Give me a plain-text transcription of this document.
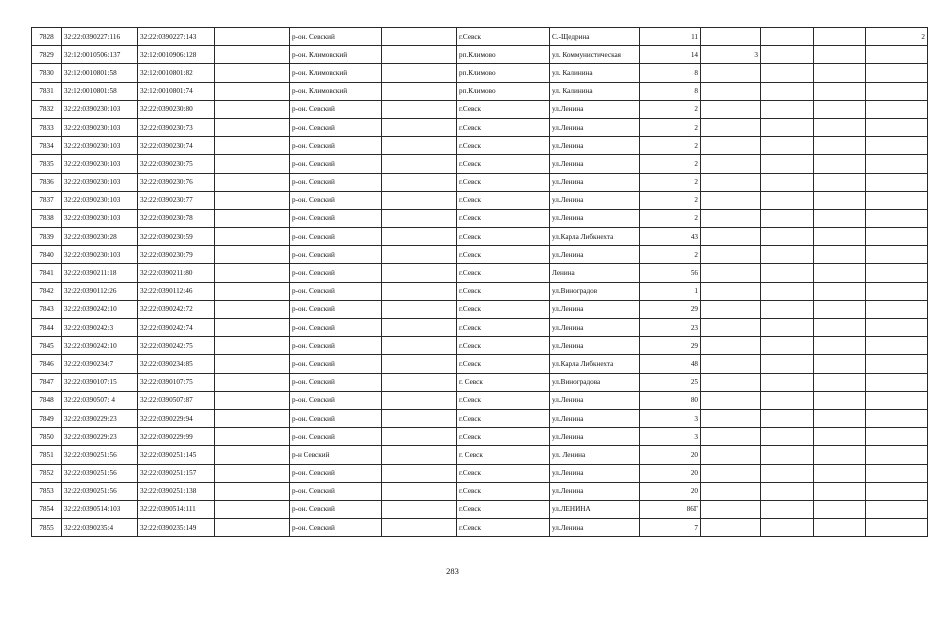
7828	32:22:0390227:116	32:22:0390227:143		р-он. Севский		г.Севск	С.-Щедрина	11				2
7829	32:12:0010506:137	32:12:0010906:128		р-он. Климовский		рп.Климово	ул. Коммунистическая	14	3			
7830	32:12:0010801:58	32:12:0010801:82		р-он. Климовский		рп.Климово	ул. Калинина	8				
7831	32:12:0010801:58	32:12:0010801:74		р-он. Климовский		рп.Климово	ул. Калинина	8				
7832	32:22:0390230:103	32:22:0390230:80		р-он. Севский		г.Севск	ул.Ленина	2				
7833	32:22:0390230:103	32:22:0390230:73		р-он. Севский		г.Севск	ул.Ленина	2				
7834	32:22:0390230:103	32:22:0390230:74		р-он. Севский		г.Севск	ул.Ленина	2				
7835	32:22:0390230:103	32:22:0390230:75		р-он. Севский		г.Севск	ул.Ленина	2				
7836	32:22:0390230:103	32:22:0390230:76		р-он. Севский		г.Севск	ул.Ленина	2				
7837	32:22:0390230:103	32:22:0390230:77		р-он. Севский		г.Севск	ул.Ленина	2				
7838	32:22:0390230:103	32:22:0390230:78		р-он. Севский		г.Севск	ул.Ленина	2				
7839	32:22:0390230:28	32:22:0390230:59		р-он. Севский		г.Севск	ул.Карла Либкнехта	43				
7840	32:22:0390230:103	32:22:0390230:79		р-он. Севский		г.Севск	ул.Ленина	2				
7841	32:22:0390211:18	32:22:0390211:80		р-он. Севский		г.Севск	Ленина	56				
7842	32:22:0390112:26	32:22:0390112:46		р-он. Севский		г.Севск	ул.Виноградов	1				
7843	32:22:0390242:10	32:22:0390242:72		р-он. Севский		г.Севск	ул.Ленина	29				
7844	32:22:0390242:3	32:22:0390242:74		р-он. Севский		г.Севск	ул.Ленина	23				
7845	32:22:0390242:10	32:22:0390242:75		р-он. Севский		г.Севск	ул.Ленина	29				
7846	32:22:0390234:7	32:22:0390234:85		р-он. Севский		г.Севск	ул.Карла Либкнехта	48				
7847	32:22:0390107:15	32:22:0390107:75		р-он. Севский		г. Севск	ул.Виноградова	25				
7848	32:22:0390507: 4	32:22:0390507:87		р-он. Севский		г.Севск	ул.Ленина	80				
7849	32:22:0390229:23	32:22:0390229:94		р-он. Севский		г.Севск	ул.Ленина	3				
7850	32:22:0390229:23	32:22:0390229:99		р-он. Севский		г.Севск	ул.Ленина	3				
7851	32:22:0390251:56	32:22:0390251:145		р-н Севский		г. Севск	ул. Ленина	20				
7852	32:22:0390251:56	32:22:0390251:157		р-он. Севский		г.Севск	ул.Ленина	20				
7853	32:22:0390251:56	32:22:0390251:138		р-он. Севский		г.Севск	ул.Ленина	20				
7854	32:22:0390514:103	32:22:0390514:111		р-он. Севский		г.Севск	ул.ЛЕНИНА	86Г				
7855	32:22:0390235:4	32:22:0390235:149		р-он. Севский		г.Севск	ул.Ленина	7				
283
